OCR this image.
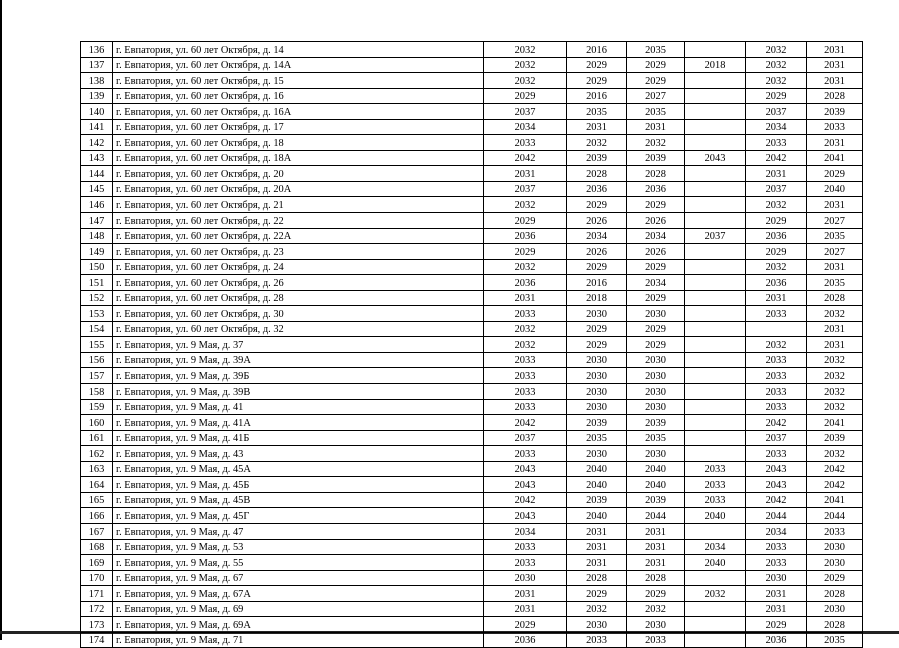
136	г. Евпатория, ул. 60 лет Октября, д. 14	2032	2016	2035		2032	2031
137	г. Евпатория, ул. 60 лет Октября, д. 14А	2032	2029	2029	2018	2032	2031
138	г. Евпатория, ул. 60 лет Октября, д. 15	2032	2029	2029		2032	2031
139	г. Евпатория, ул. 60 лет Октября, д. 16	2029	2016	2027		2029	2028
140	г. Евпатория, ул. 60 лет Октября, д. 16А	2037	2035	2035		2037	2039
141	г. Евпатория, ул. 60 лет Октября, д. 17	2034	2031	2031		2034	2033
142	г. Евпатория, ул. 60 лет Октября, д. 18	2033	2032	2032		2033	2031
143	г. Евпатория, ул. 60 лет Октября, д. 18А	2042	2039	2039	2043	2042	2041
144	г. Евпатория, ул. 60 лет Октября, д. 20	2031	2028	2028		2031	2029
145	г. Евпатория, ул. 60 лет Октября, д. 20А	2037	2036	2036		2037	2040
146	г. Евпатория, ул. 60 лет Октября, д. 21	2032	2029	2029		2032	2031
147	г. Евпатория, ул. 60 лет Октября, д. 22	2029	2026	2026		2029	2027
148	г. Евпатория, ул. 60 лет Октября, д. 22А	2036	2034	2034	2037	2036	2035
149	г. Евпатория, ул. 60 лет Октября, д. 23	2029	2026	2026		2029	2027
150	г. Евпатория, ул. 60 лет Октября, д. 24	2032	2029	2029		2032	2031
151	г. Евпатория, ул. 60 лет Октября, д. 26	2036	2016	2034		2036	2035
152	г. Евпатория, ул. 60 лет Октября, д. 28	2031	2018	2029		2031	2028
153	г. Евпатория, ул. 60 лет Октября, д. 30	2033	2030	2030		2033	2032
154	г. Евпатория, ул. 60 лет Октября, д. 32	2032	2029	2029			2031
155	г. Евпатория, ул. 9 Мая, д. 37	2032	2029	2029		2032	2031
156	г. Евпатория, ул. 9 Мая, д. 39А	2033	2030	2030		2033	2032
157	г. Евпатория, ул. 9 Мая, д. 39Б	2033	2030	2030		2033	2032
158	г. Евпатория, ул. 9 Мая, д. 39В	2033	2030	2030		2033	2032
159	г. Евпатория, ул. 9 Мая, д. 41	2033	2030	2030		2033	2032
160	г. Евпатория, ул. 9 Мая, д. 41А	2042	2039	2039		2042	2041
161	г. Евпатория, ул. 9 Мая, д. 41Б	2037	2035	2035		2037	2039
162	г. Евпатория, ул. 9 Мая, д. 43	2033	2030	2030		2033	2032
163	г. Евпатория, ул. 9 Мая, д. 45А	2043	2040	2040	2033	2043	2042
164	г. Евпатория, ул. 9 Мая, д. 45Б	2043	2040	2040	2033	2043	2042
165	г. Евпатория, ул. 9 Мая, д. 45В	2042	2039	2039	2033	2042	2041
166	г. Евпатория, ул. 9 Мая, д. 45Г	2043	2040	2044	2040	2044	2044
167	г. Евпатория, ул. 9 Мая, д. 47	2034	2031	2031		2034	2033
168	г. Евпатория, ул. 9 Мая, д. 53	2033	2031	2031	2034	2033	2030
169	г. Евпатория, ул. 9 Мая, д. 55	2033	2031	2031	2040	2033	2030
170	г. Евпатория, ул. 9 Мая, д. 67	2030	2028	2028		2030	2029
171	г. Евпатория, ул. 9 Мая, д. 67А	2031	2029	2029	2032	2031	2028
172	г. Евпатория, ул. 9 Мая, д. 69	2031	2032	2032		2031	2030
173	г. Евпатория, ул. 9 Мая, д. 69А	2029	2030	2030		2029	2028
174	г. Евпатория, ул. 9 Мая, д. 71	2036	2033	2033		2036	2035
